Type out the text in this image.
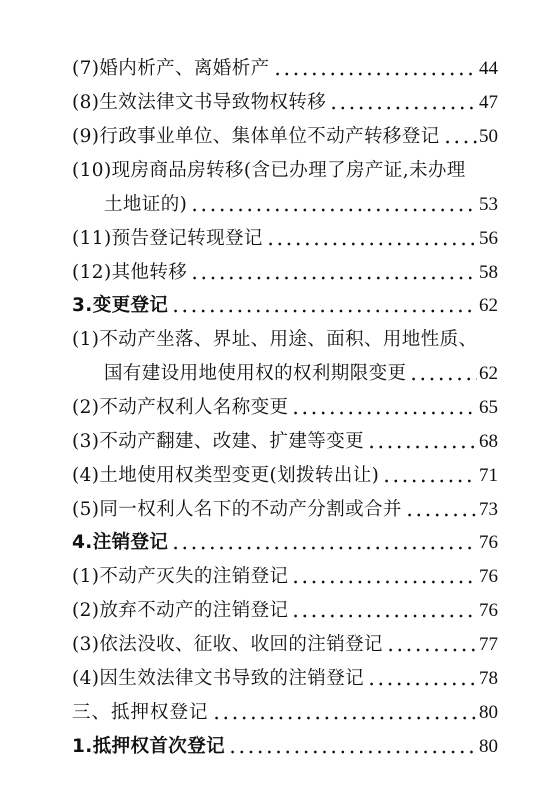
(7)婚内析产、离婚析产	44
(8)生效法律文书导致物权转移	47
(9)行政事业单位、集体单位不动产转移登记 50
(10)现房商品房转移(含已办理了房产证,未办理
土地证的)	53
(11)预告登记转现登记	56
(12)其他转移	58
3.变更登记	62
(1)不动产坐落、界址、用途、面积、用地性质、
国有建设用地使用权的权利期限变更	62
(2)不动产权利人名称变更	65
(3)不动产翻建、改建、扩建等变更	68
(4)土地使用权类型变更(划拨转出让)	71
(5)同一权利人名下的不动产分割或合并	73
4.注销登记	76
(1)不动产灭失的注销登记	76
(2)放弃不动产的注销登记	76
(3)依法没收、征收、收回的注销登记	77
(4)因生效法律文书导致的注销登记	78
三、抵押权登记	80
1.抵押权首次登记	80
